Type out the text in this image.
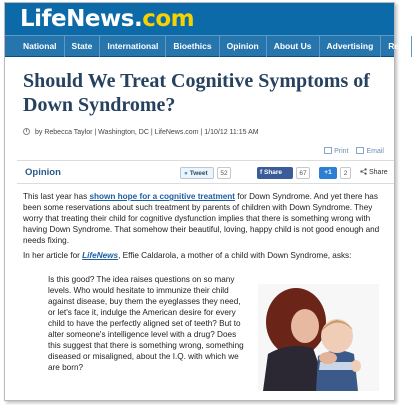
LifeNews.com
National State International Bioethics Opinion About Us Advertising Rep
Should We Treat Cognitive Symptoms of Down Syndrome?
by Rebecca Taylor | Washington, DC | LifeNews.com | 1/10/12 11:15 AM
Print	Email
Opinion	● Tweet	52	f Share	67	+1	2	Share

This last year has shown hope for a cognitive treatment for Down Syndrome. And yet there has been some reservations about such treatment by parents of children with Down Syndrome. They worry that treating their child for cognitive dysfunction implies that there is something wrong with having Down Syndrome. That somehow their beautiful, loving, happy child is not good enough and needs fixing.

In her article for LifeNews, Effie Caldarola, a mother of a child with Down Syndrome, asks:

Is this good? The idea raises questions on so many levels. Who would hesitate to immunize their child against disease, buy them the eyeglasses they need, or let's face it, indulge the American desire for every child to have the perfectly aligned set of teeth? But to alter someone's intelligence level with a drug? Does this suggest that there is something wrong, something diseased or misaligned, about the I.Q. with which we are born?
